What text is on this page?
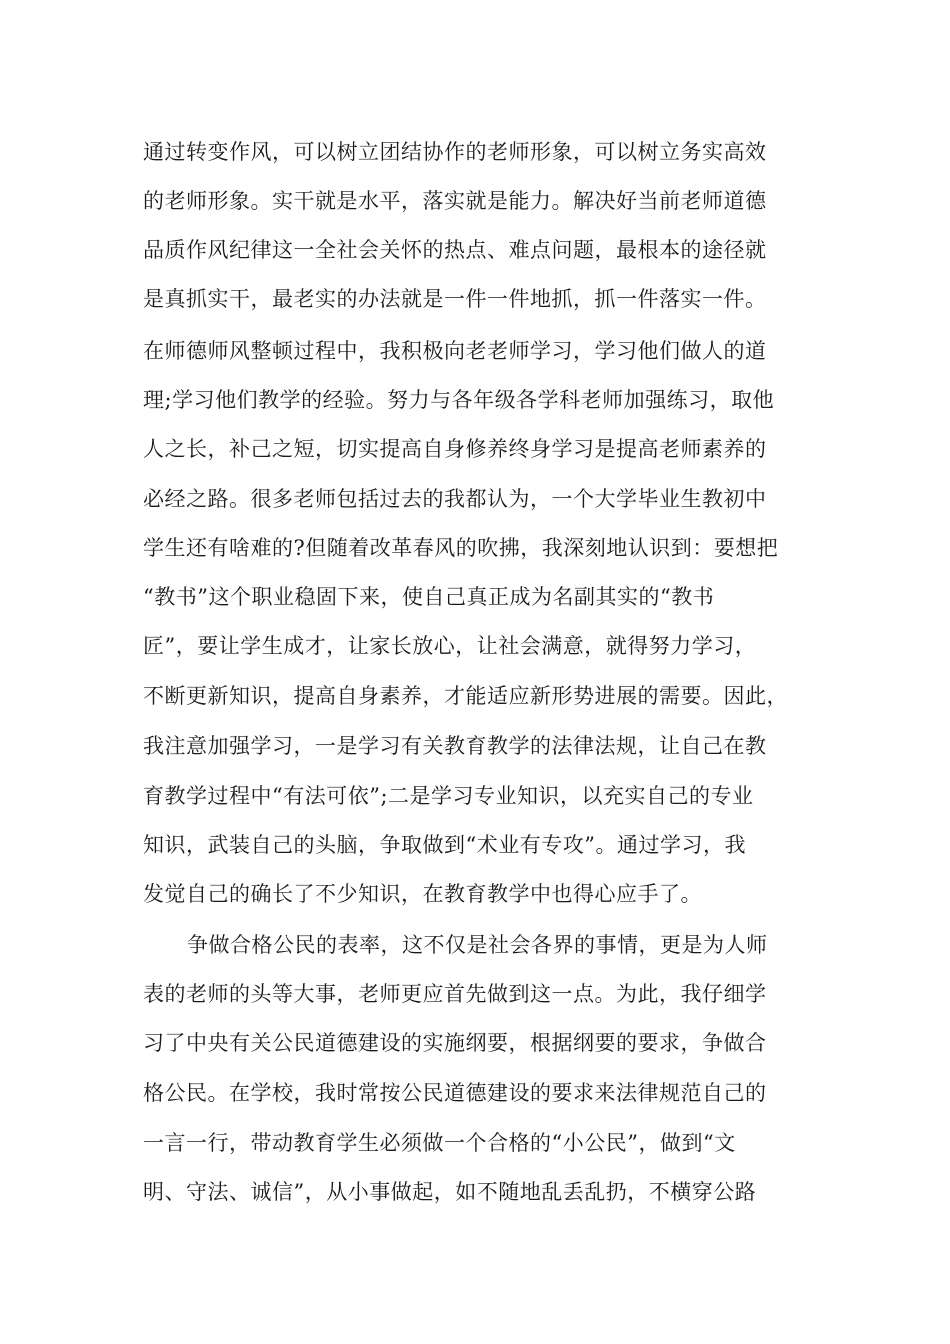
通过转变作风，可以树立团结协作的老师形象，可以树立务实高效
的老师形象。实干就是水平，落实就是能力。解决好当前老师道德
品质作风纪律这一全社会关怀的热点、难点问题，最根本的途径就
是真抓实干，最老实的办法就是一件一件地抓，抓一件落实一件。
在师德师风整顿过程中，我积极向老老师学习，学习他们做人的道
理;学习他们教学的经验。努力与各年级各学科老师加强练习，取他
人之长，补己之短，切实提高自身修养终身学习是提高老师素养的
必经之路。很多老师包括过去的我都认为，一个大学毕业生教初中
学生还有啥难的?但随着改革春风的吹拂，我深刻地认识到：要想把
“教书”这个职业稳固下来，使自己真正成为名副其实的“教书
匠”，要让学生成才，让家长放心，让社会满意，就得努力学习，
不断更新知识，提高自身素养，才能适应新形势进展的需要。因此，
我注意加强学习，一是学习有关教育教学的法律法规，让自己在教
育教学过程中“有法可依”;二是学习专业知识，以充实自己的专业
知识，武装自己的头脑，争取做到“术业有专攻”。通过学习，我
发觉自己的确长了不少知识，在教育教学中也得心应手了。
争做合格公民的表率，这不仅是社会各界的事情，更是为人师
表的老师的头等大事，老师更应首先做到这一点。为此，我仔细学
习了中央有关公民道德建设的实施纲要，根据纲要的要求，争做合
格公民。在学校，我时常按公民道德建设的要求来法律规范自己的
一言一行，带动教育学生必须做一个合格的“小公民”，做到“文
明、守法、诚信”，从小事做起，如不随地乱丢乱扔，不横穿公路
